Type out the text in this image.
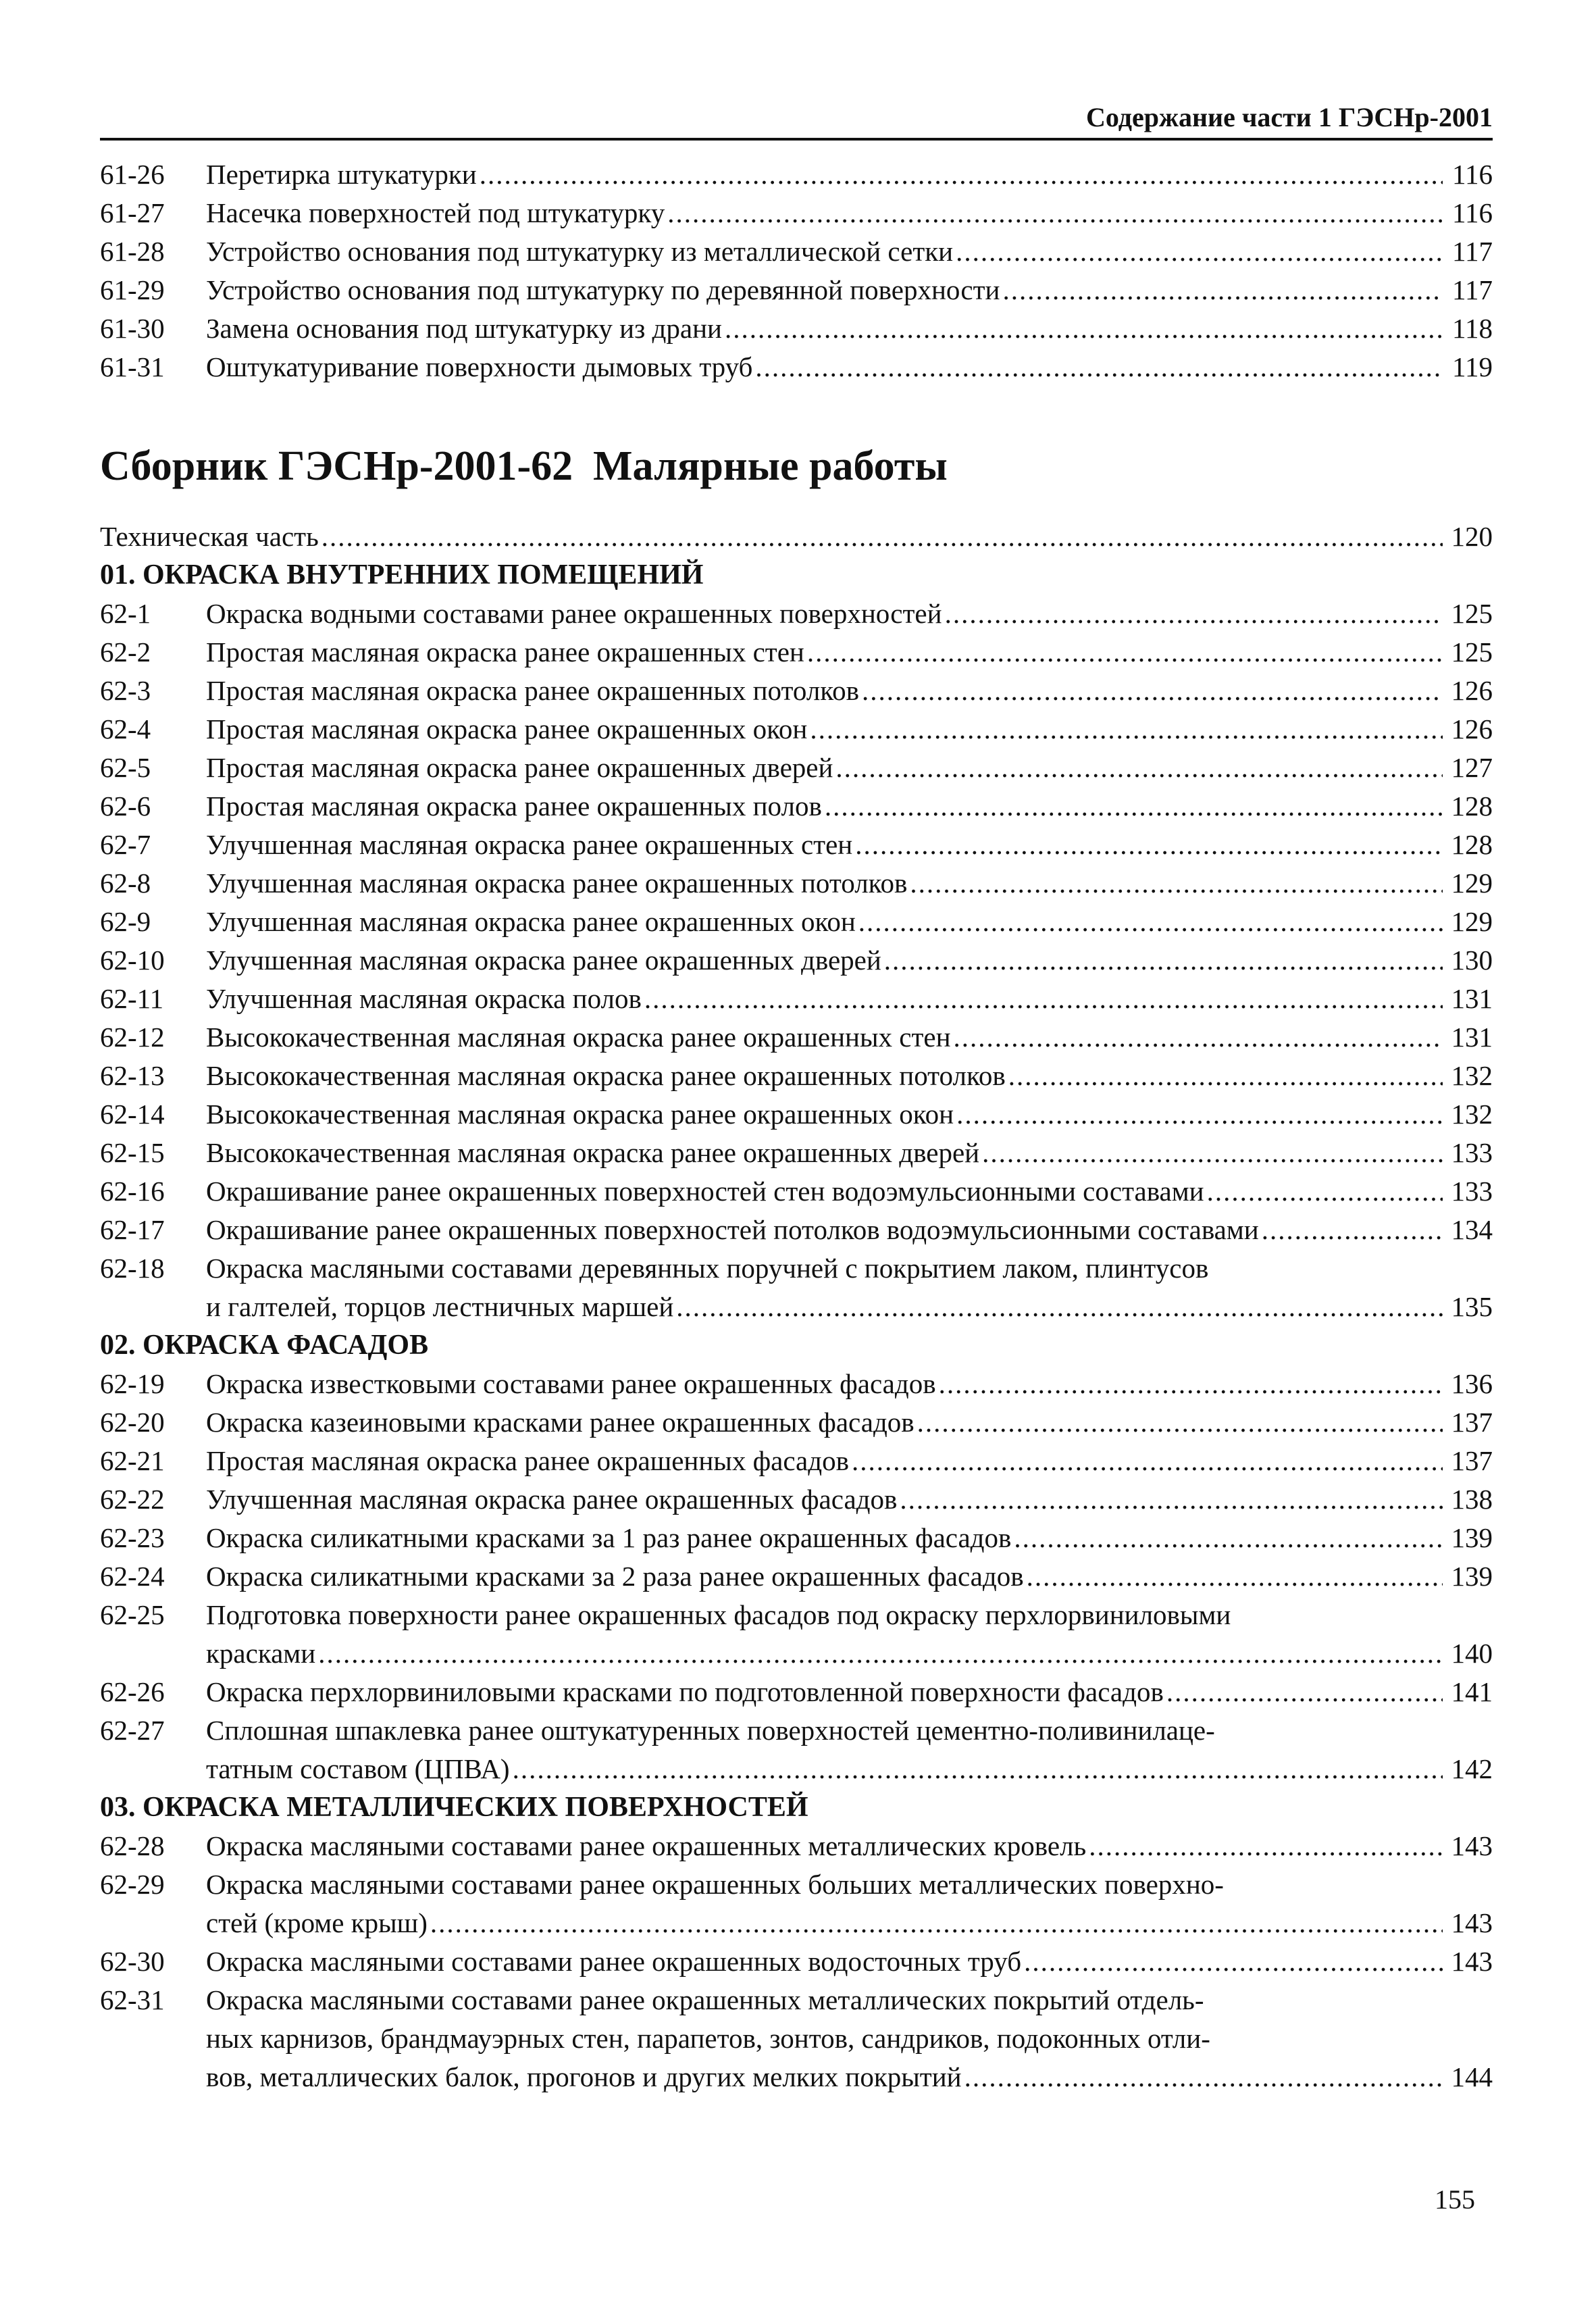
Содержание части 1 ГЭСНр-2001
61-26	Перетирка штукатурки .....	116
61-27	Насечка поверхностей под штукатурку .....	116
61-28	Устройство основания под штукатурку из металлической сетки .....	117
61-29	Устройство основания под штукатурку по деревянной поверхности .....	117
61-30	Замена основания под штукатурку из драни .....	118
61-31	Оштукатуривание поверхности дымовых труб .....	119
Сборник ГЭСНр-2001-62 Малярные работы
Техническая часть .....	120
01. ОКРАСКА ВНУТРЕННИХ ПОМЕЩЕНИЙ
62-1	Окраска водными составами ранее окрашенных поверхностей .....	125
62-2	Простая масляная окраска ранее окрашенных стен .....	125
62-3	Простая масляная окраска ранее окрашенных потолков .....	126
62-4	Простая масляная окраска ранее окрашенных окон .....	126
62-5	Простая масляная окраска ранее окрашенных дверей .....	127
62-6	Простая масляная окраска ранее окрашенных полов .....	128
62-7	Улучшенная масляная окраска ранее окрашенных стен .....	128
62-8	Улучшенная масляная окраска ранее окрашенных потолков .....	129
62-9	Улучшенная масляная окраска ранее окрашенных окон .....	129
62-10	Улучшенная масляная окраска ранее окрашенных дверей .....	130
62-11	Улучшенная масляная окраска полов .....	131
62-12	Высококачественная масляная окраска ранее окрашенных стен .....	131
62-13	Высококачественная масляная окраска ранее окрашенных потолков .....	132
62-14	Высококачественная масляная окраска ранее окрашенных окон .....	132
62-15	Высококачественная масляная окраска ранее окрашенных дверей .....	133
62-16	Окрашивание ранее окрашенных поверхностей стен водоэмульсионными составами .....	133
62-17	Окрашивание ранее окрашенных поверхностей потолков водоэмульсионными составами .....	134
62-18	Окраска масляными составами деревянных поручней с покрытием лаком, плинтусов
и галтелей, торцов лестничных маршей .....	135
02. ОКРАСКА ФАСАДОВ
62-19	Окраска известковыми составами ранее окрашенных фасадов .....	136
62-20	Окраска казеиновыми красками ранее окрашенных фасадов .....	137
62-21	Простая масляная окраска ранее окрашенных фасадов .....	137
62-22	Улучшенная масляная окраска ранее окрашенных фасадов .....	138
62-23	Окраска силикатными красками за 1 раз ранее окрашенных фасадов .....	139
62-24	Окраска силикатными красками за 2 раза ранее окрашенных фасадов .....	139
62-25	Подготовка поверхности ранее окрашенных фасадов под окраску перхлорвиниловыми
красками .....	140
62-26	Окраска перхлорвиниловыми красками по подготовленной поверхности фасадов .....	141
62-27	Сплошная шпаклевка ранее оштукатуренных поверхностей цементно-поливинилаце-
татным составом (ЦПВА) .....	142
03. ОКРАСКА МЕТАЛЛИЧЕСКИХ ПОВЕРХНОСТЕЙ
62-28	Окраска масляными составами ранее окрашенных металлических кровель .....	143
62-29	Окраска масляными составами ранее окрашенных больших металлических поверхно-
стей (кроме крыш) .....	143
62-30	Окраска масляными составами ранее окрашенных водосточных труб .....	143
62-31	Окраска масляными составами ранее окрашенных металлических покрытий отдель-
ных карнизов, брандмауэрных стен, парапетов, зонтов, сандриков, подоконных отли-
вов, металлических балок, прогонов и других мелких покрытий .....	144
155
